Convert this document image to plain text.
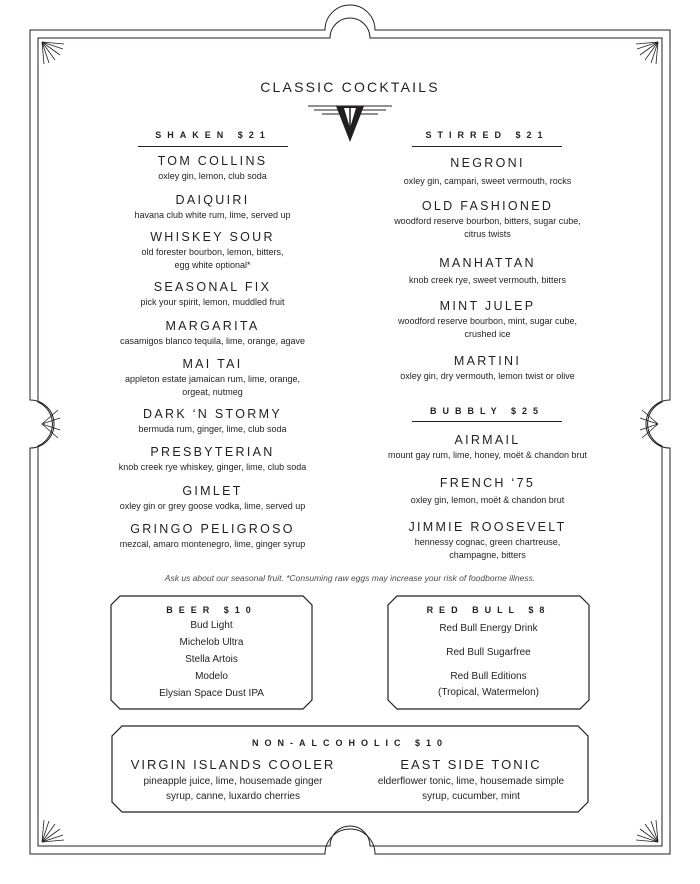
CLASSIC COCKTAILS
SHAKEN $21
TOM COLLINS
oxley gin, lemon, club soda
DAIQUIRI
havana club white rum, lime, served up
WHISKEY SOUR
old forester bourbon, lemon, bitters,
egg white optional*
SEASONAL FIX
pick your spirit, lemon, muddled fruit
MARGARITA
casamigos blanco tequila, lime, orange, agave
MAI TAI
appleton estate jamaican rum, lime, orange,
orgeat, nutmeg
DARK ‘N STORMY
bermuda rum, ginger, lime, club soda
PRESBYTERIAN
knob creek rye whiskey, ginger, lime, club soda
GIMLET
oxley gin or grey goose vodka, lime, served up
GRINGO PELIGROSO
mezcal, amaro montenegro, lime, ginger syrup
STIRRED $21
NEGRONI
oxley gin, campari, sweet vermouth, rocks
OLD FASHIONED
woodford reserve bourbon, bitters, sugar cube,
citrus twists
MANHATTAN
knob creek rye, sweet vermouth, bitters
MINT JULEP
woodford reserve bourbon, mint, sugar cube,
crushed ice
MARTINI
oxley gin, dry vermouth, lemon twist or olive
BUBBLY $25
AIRMAIL
mount gay rum, lime, honey, moët & chandon brut
FRENCH ‘75
oxley gin, lemon, moët & chandon brut
JIMMIE ROOSEVELT
hennessy cognac, green chartreuse,
champagne, bitters
Ask us about our seasonal fruit. *Consuming raw eggs may increase your risk of foodborne illness.
BEER $10
Bud Light
Michelob Ultra
Stella Artois
Modelo
Elysian Space Dust IPA
RED BULL $8
Red Bull Energy Drink
Red Bull Sugarfree
Red Bull Editions
(Tropical, Watermelon)
NON-ALCOHOLIC $10
VIRGIN ISLANDS COOLER
pineapple juice, lime, housemade ginger
syrup, canne, luxardo cherries
EAST SIDE TONIC
elderflower tonic, lime, housemade simple
syrup, cucumber, mint
